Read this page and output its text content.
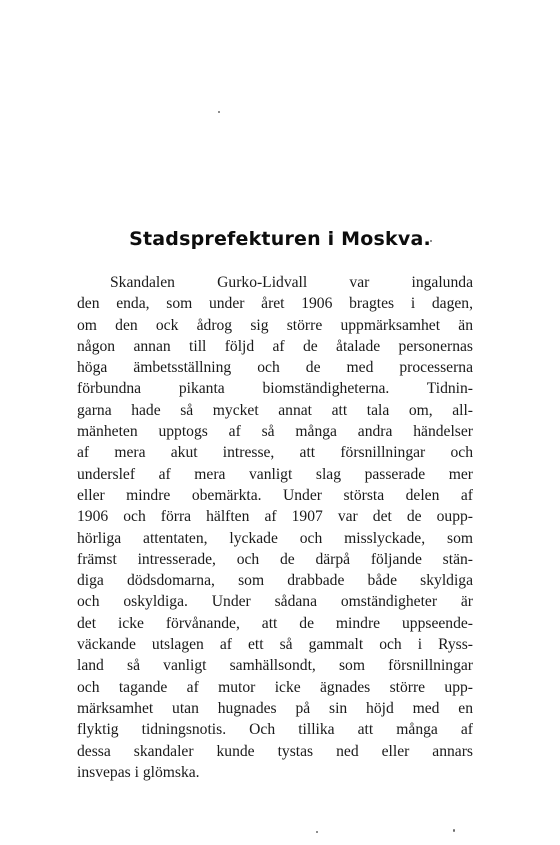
Stadsprefekturen i Moskva.
Skandalen Gurko-Lidvall var ingalunda
den enda, som under året 1906 bragtes i dagen,
om den ock ådrog sig större uppmärksamhet än
någon annan till följd af de åtalade personernas
höga ämbetsställning och de med processerna
förbundna pikanta biomständigheterna. Tidnin-
garna hade så mycket annat att tala om, all-
mänheten upptogs af så många andra händelser
af mera akut intresse, att försnillningar och
underslef af mera vanligt slag passerade mer
eller mindre obemärkta. Under största delen af
1906 och förra hälften af 1907 var det de oupp-
hörliga attentaten, lyckade och misslyckade, som
främst intresserade, och de därpå följande stän-
diga dödsdomarna, som drabbade både skyldiga
och oskyldiga. Under sådana omständigheter är
det icke förvånande, att de mindre uppseende-
väckande utslagen af ett så gammalt och i Ryss-
land så vanligt samhällsondt, som försnillningar
och tagande af mutor icke ägnades större upp-
märksamhet utan hugnades på sin höjd med en
flyktig tidningsnotis. Och tillika att många af
dessa skandaler kunde tystas ned eller annars
insvepas i glömska.
